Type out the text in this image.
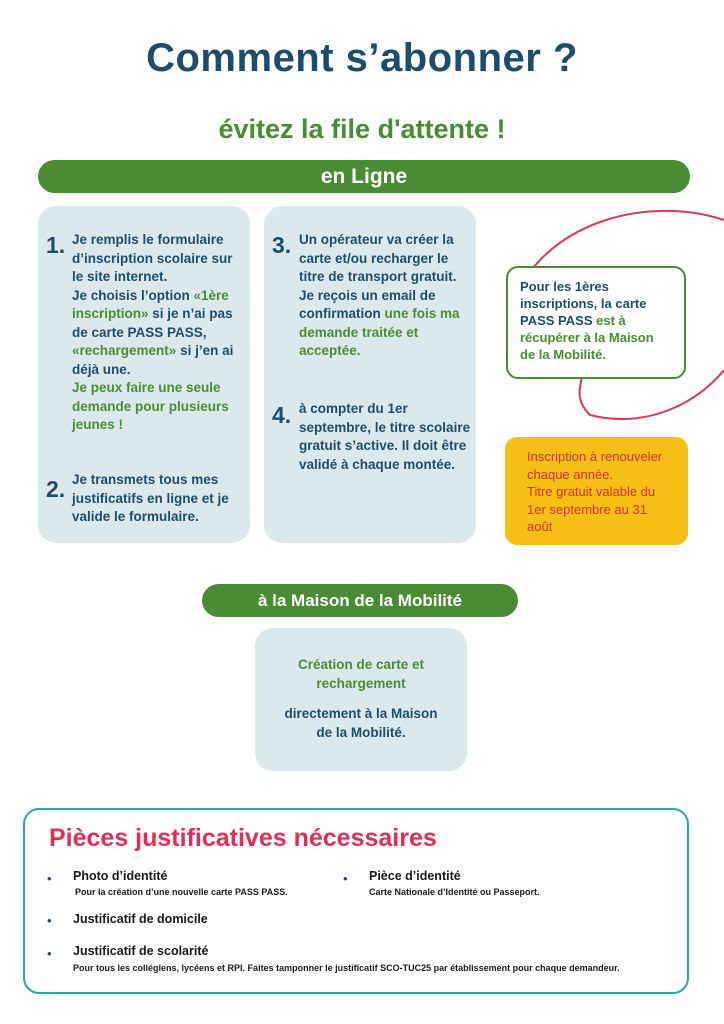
Comment s’abonner ?
évitez la file d'attente !
en Ligne
1. Je remplis le formulaire d’inscription scolaire sur le site internet.
Je choisis l’option «1ère inscription» si je n’ai pas de carte PASS PASS, «rechargement» si j’en ai déjà une.
Je peux faire une seule demande pour plusieurs jeunes !
2. Je transmets tous mes justificatifs en ligne et je valide le formulaire.
3. Un opérateur va créer la carte et/ou recharger le titre de transport gratuit. Je reçois un email de confirmation une fois ma demande traitée et acceptée.
4. à compter du 1er septembre, le titre scolaire gratuit s’active. Il doit être validé à chaque montée.
Pour les 1ères inscriptions, la carte PASS PASS est à récupérer à la Maison de la Mobilité.
Inscription à renouveler chaque année.
Titre gratuit valable du 1er septembre au 31 août
à la Maison de la Mobilité
Création de carte et rechargement
directement à la Maison de la Mobilité.
Pièces justificatives nécessaires
• Photo d’identité
Pour la création d’une nouvelle carte PASS PASS.
• Pièce d’identité
Carte Nationale d’Identité ou Passeport.
• Justificatif de domicile
• Justificatif de scolarité
Pour tous les collégiens, lycéens et RPI. Faites tamponner le justificatif SCO-TUC25 par établissement pour chaque demandeur.
